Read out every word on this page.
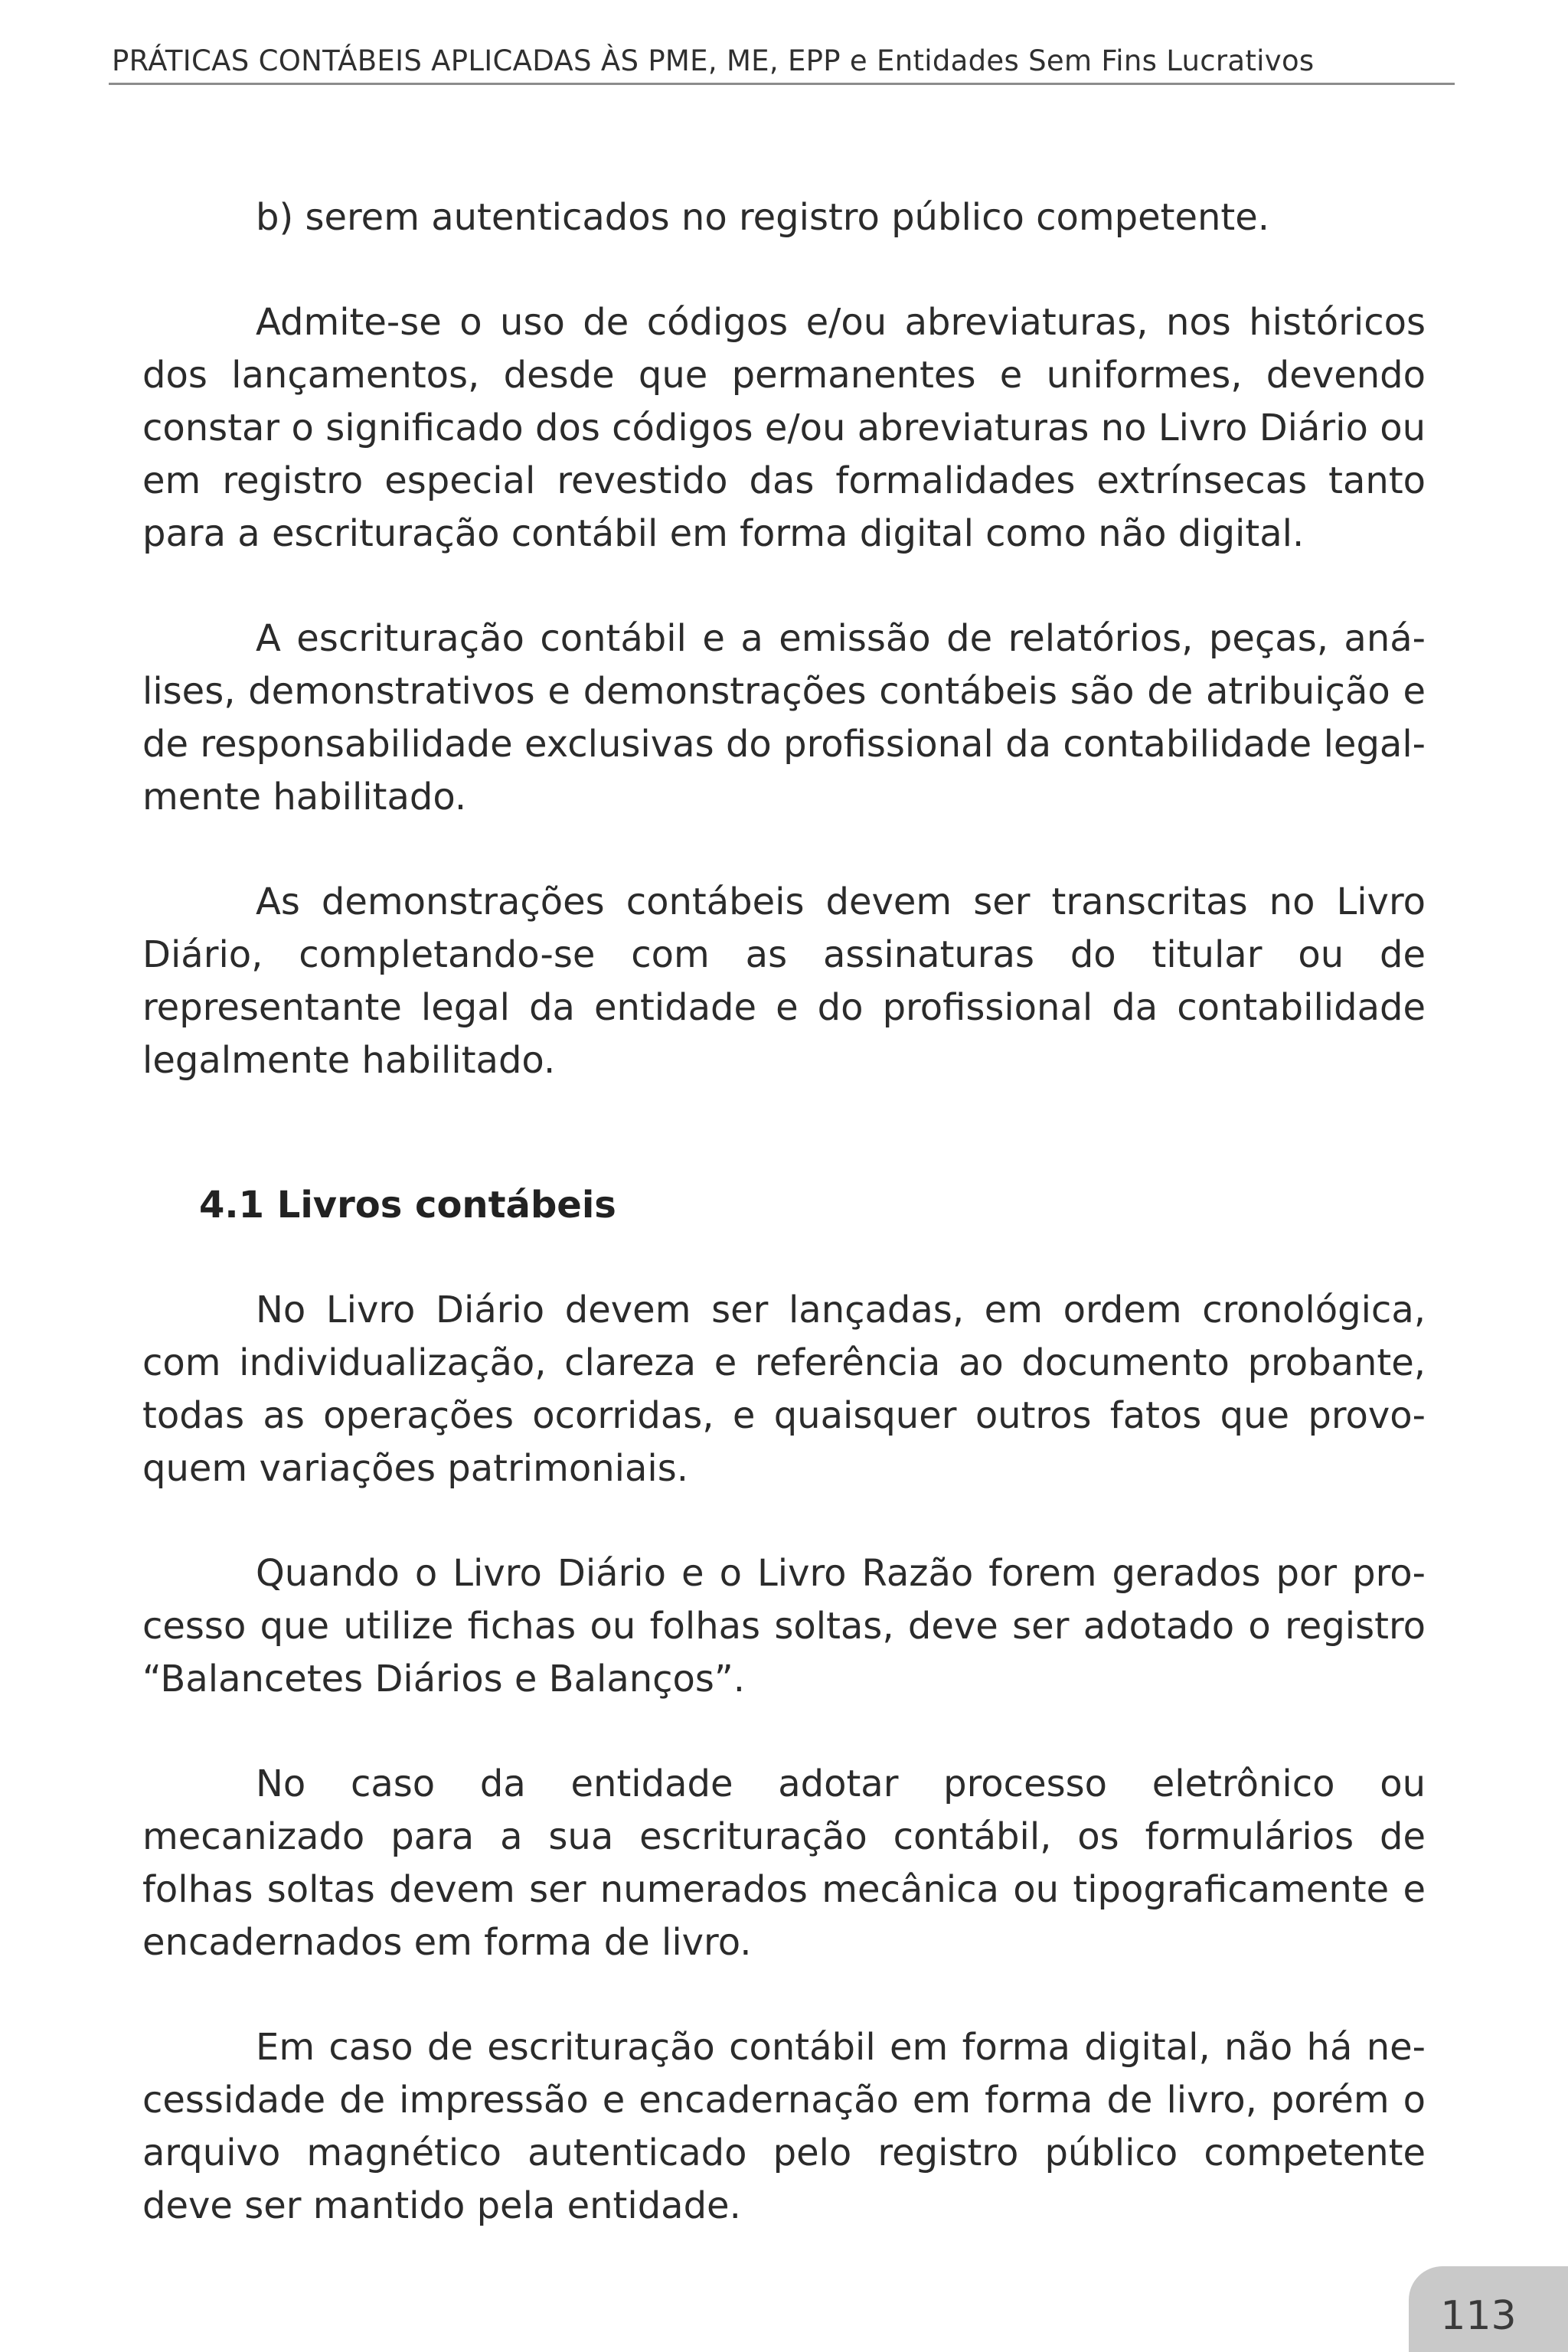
PRÁTICAS CONTÁBEIS APLICADAS ÀS PME, ME, EPP e Entidades Sem Fins Lucrativos

b) serem autenticados no registro público competente.

Admite-se o uso de códigos e/ou abreviaturas, nos históricos dos lançamentos, desde que permanentes e uniformes, devendo constar o significado dos códigos e/ou abreviaturas no Livro Diário ou em registro especial revestido das formalidades extrínsecas tanto para a escrituração contábil em forma digital como não digital.

A escrituração contábil e a emissão de relatórios, peças, análises, demonstrativos e demonstrações contábeis são de atribuição e de responsabilidade exclusivas do profissional da contabilidade legalmente habilitado.

As demonstrações contábeis devem ser transcritas no Livro Diário, completando-se com as assinaturas do titular ou de representante legal da entidade e do profissional da contabilidade legalmente habilitado.

4.1 Livros contábeis

No Livro Diário devem ser lançadas, em ordem cronológica, com individualização, clareza e referência ao documento probante, todas as operações ocorridas, e quaisquer outros fatos que provoquem variações patrimoniais.

Quando o Livro Diário e o Livro Razão forem gerados por processo que utilize fichas ou folhas soltas, deve ser adotado o registro “Balancetes Diários e Balanços”.

No caso da entidade adotar processo eletrônico ou mecanizado para a sua escrituração contábil, os formulários de folhas soltas devem ser numerados mecânica ou tipograficamente e encadernados em forma de livro.

Em caso de escrituração contábil em forma digital, não há necessidade de impressão e encadernação em forma de livro, porém o arquivo magnético autenticado pelo registro público competente deve ser mantido pela entidade.

113
